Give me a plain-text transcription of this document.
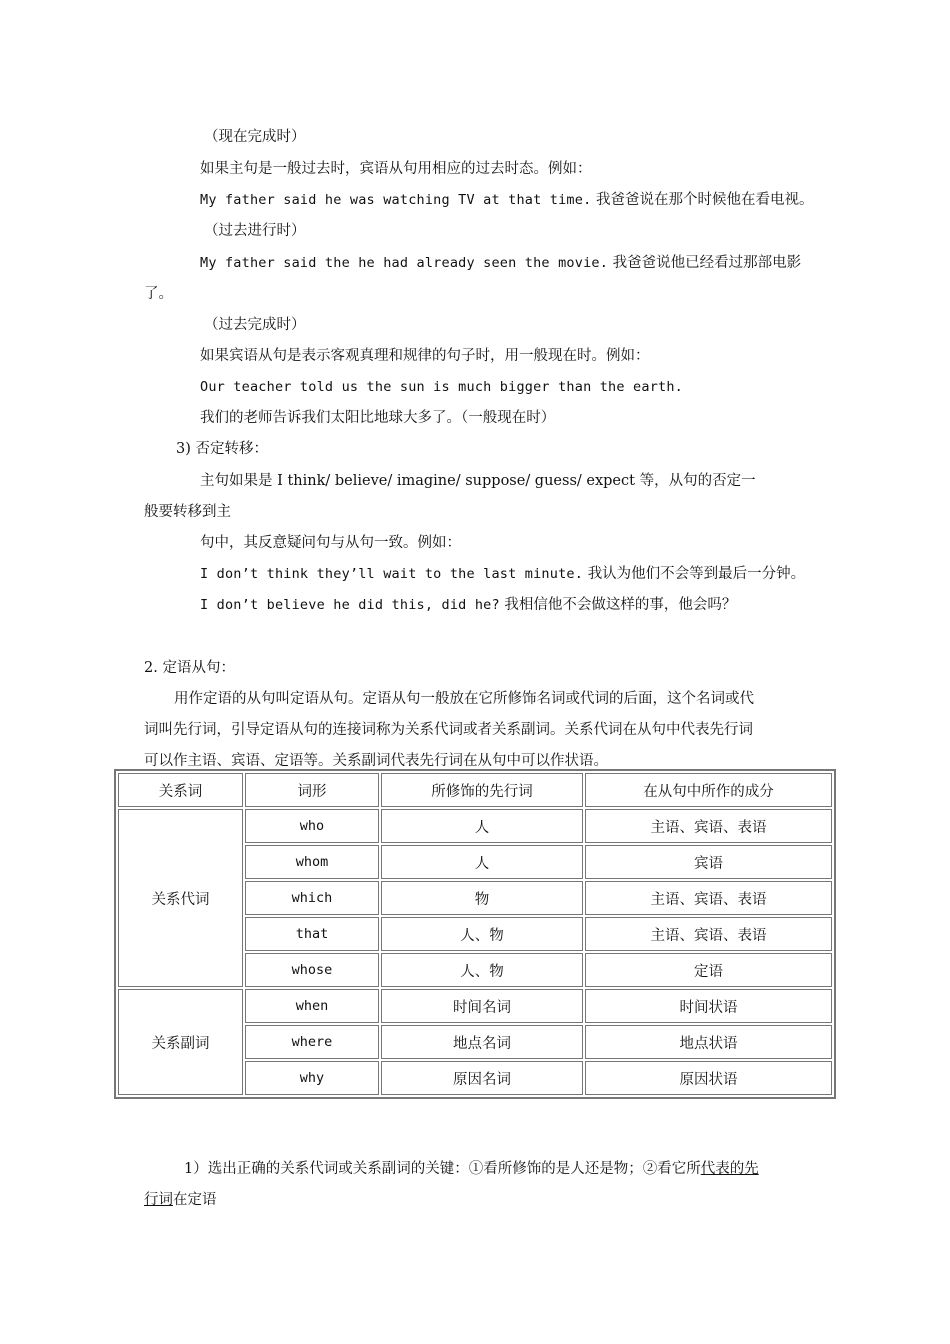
（现在完成时）
如果主句是一般过去时，宾语从句用相应的过去时态。例如：
My father said he was watching TV at that time. 我爸爸说在那个时候他在看电视。
（过去进行时）
My father said the he had already seen the movie. 我爸爸说他已经看过那部电影
了。
（过去完成时）
如果宾语从句是表示客观真理和规律的句子时，用一般现在时。例如：
Our teacher told us the sun is much bigger than the earth.
我们的老师告诉我们太阳比地球大多了。（一般现在时）
3) 否定转移：
主句如果是 I think/ believe/ imagine/ suppose/ guess/ expect 等，从句的否定一
般要转移到主
句中，其反意疑问句与从句一致。例如：
I don’t think they’ll wait to the last minute. 我认为他们不会等到最后一分钟。
I don’t believe he did this, did he? 我相信他不会做这样的事，他会吗？
2. 定语从句：
用作定语的从句叫定语从句。定语从句一般放在它所修饰名词或代词的后面，这个名词或代
词叫先行词，引导定语从句的连接词称为关系代词或者关系副词。关系代词在从句中代表先行词
可以作主语、宾语、定语等。关系副词代表先行词在从句中可以作状语。
关系词	词形	所修饰的先行词	在从句中所作的成分
关系代词	who	人	主语、宾语、表语
	whom	人	宾语
	which	物	主语、宾语、表语
	that	人、物	主语、宾语、表语
	whose	人、物	定语
关系副词	when	时间名词	时间状语
	where	地点名词	地点状语
	why	原因名词	原因状语
1）选出正确的关系代词或关系副词的关键：①看所修饰的是人还是物；②看它所代表的先
行词在定语
